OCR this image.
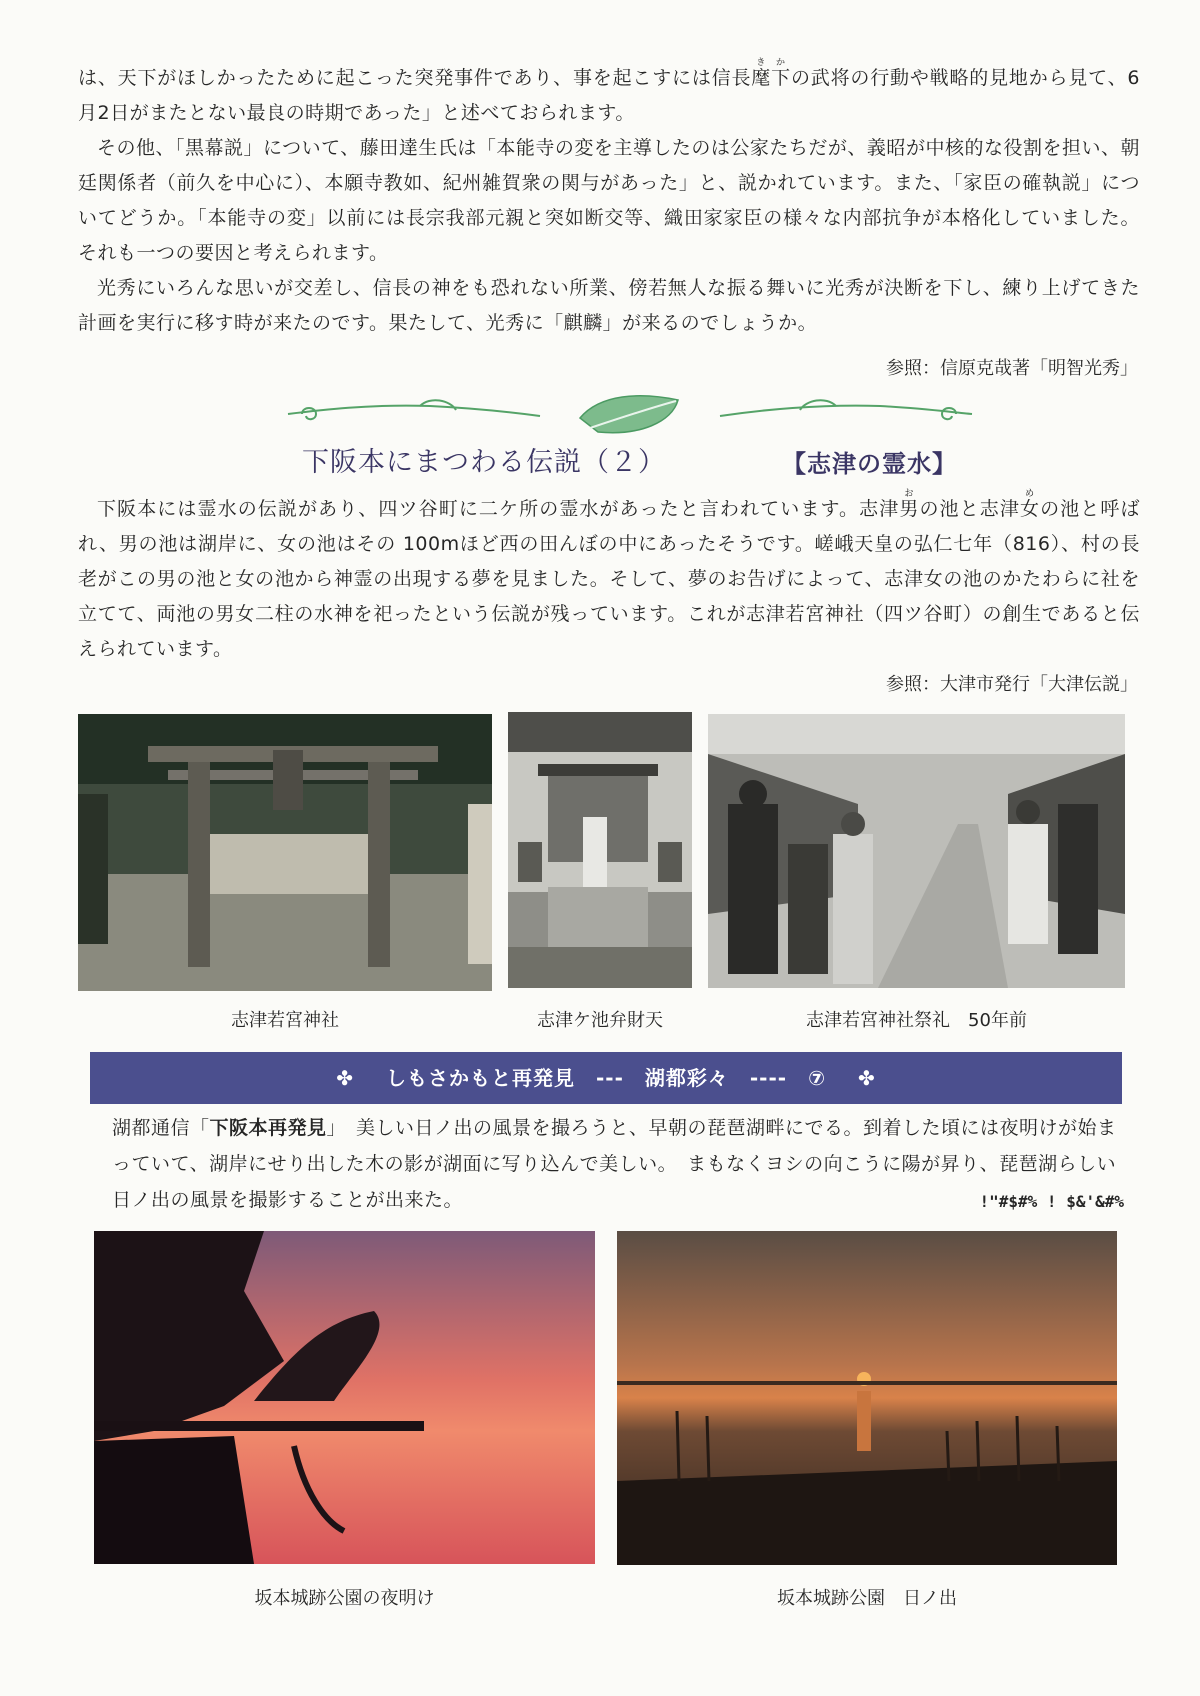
は、天下がほしかったために起こった突発事件であり、事を起こすには信長麾下きかの武将の行動や戦略的見地から見て、6月2日がまたとない最良の時期であった」と述べておられます。

その他、「黒幕説」について、藤田達生氏は「本能寺の変を主導したのは公家たちだが、義昭が中核的な役割を担い、朝廷関係者（前久を中心に）、本願寺教如、紀州雑賀衆の関与があった」と、説かれています。また、「家臣の確執説」についてどうか。「本能寺の変」以前には長宗我部元親と突如断交等、織田家家臣の様々な内部抗争が本格化していました。それも一つの要因と考えられます。

光秀にいろんな思いが交差し、信長の神をも恐れない所業、傍若無人な振る舞いに光秀が決断を下し、練り上げてきた計画を実行に移す時が来たのです。果たして、光秀に「麒麟」が来るのでしょうか。

参照：信原克哉著「明智光秀」
下阪本にまつわる伝説（２）	【志津の霊水】
下阪本には霊水の伝説があり、四ツ谷町に二ケ所の霊水があったと言われています。志津男おの池と志津女めの池と呼ばれ、男の池は湖岸に、女の池はその 100mほど西の田んぼの中にあったそうです。嵯峨天皇の弘仁七年（816）、村の長老がこの男の池と女の池から神霊の出現する夢を見ました。そして、夢のお告げによって、志津女の池のかたわらに社を立てて、両池の男女二柱の水神を祀ったという伝説が残っています。これが志津若宮神社（四ツ谷町）の創生であると伝えられています。
参照：大津市発行「大津伝説」
志津若宮神社	志津ケ池弁財天	志津若宮神社祭礼　50年前
✤ しもさかもと再発見　---　湖都彩々　----　⑦ ✤
湖都通信「下阪本再発見」　美しい日ノ出の風景を撮ろうと、早朝の琵琶湖畔にでる。到着した頃には夜明けが始まっていて、湖岸にせり出した木の影が湖面に写り込んで美しい。　まもなくヨシの向こうに陽が昇り、琵琶湖らしい日ノ出の風景を撮影することが出来た。	!"#$#% ! $&'&#%
坂本城跡公園の夜明け	坂本城跡公園　日ノ出
